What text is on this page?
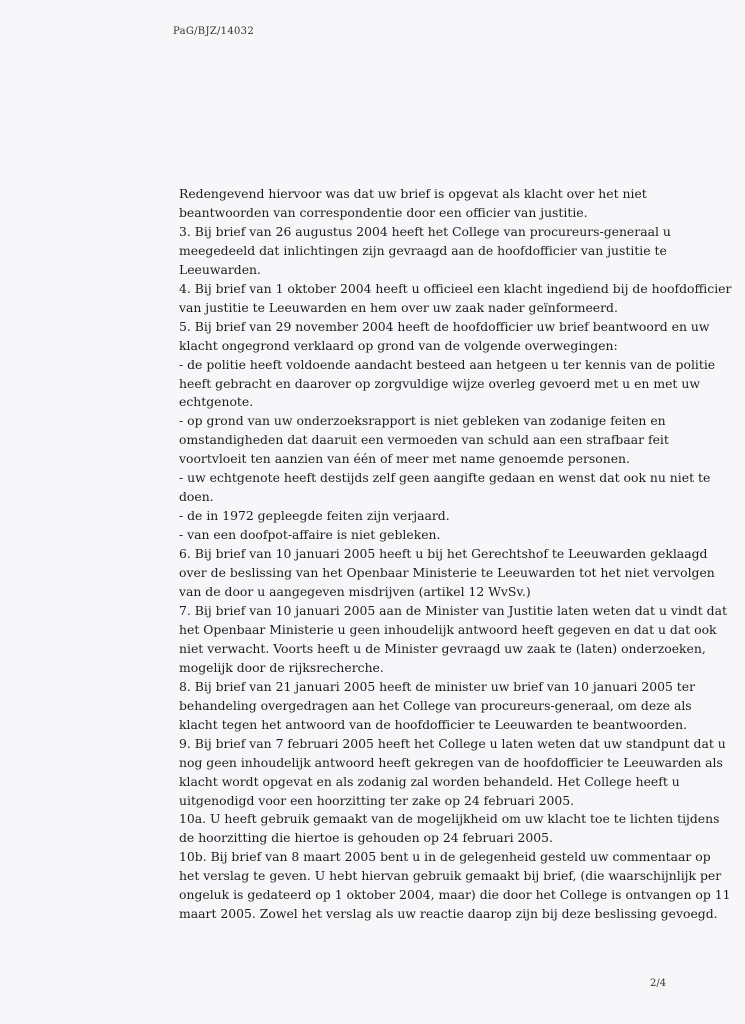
PaG/BJZ/14032

Redengevend hiervoor was dat uw brief is opgevat als klacht over het niet

beantwoorden van correspondentie door een officier van justitie.

3. Bij brief van 26 augustus 2004 heeft het College van procureurs-generaal u

meegedeeld dat inlichtingen zijn gevraagd aan de hoofdofficier van justitie te

Leeuwarden.

4. Bij brief van 1 oktober 2004 heeft u officieel een klacht ingediend bij de hoofdofficier

van justitie te Leeuwarden en hem over uw zaak nader geïnformeerd.

5. Bij brief van 29 november 2004 heeft de hoofdofficier uw brief beantwoord en uw

klacht ongegrond verklaard op grond van de volgende overwegingen:

- de politie heeft voldoende aandacht besteed aan hetgeen u ter kennis van de politie

heeft gebracht en daarover op zorgvuldige wijze overleg gevoerd met u en met uw

echtgenote.

- op grond van uw onderzoeksrapport is niet gebleken van zodanige feiten en

omstandigheden dat daaruit een vermoeden van schuld aan een strafbaar feit

voortvloeit ten aanzien van één of meer met name genoemde personen.

- uw echtgenote heeft destijds zelf geen aangifte gedaan en wenst dat ook nu niet te

doen.

- de in 1972 gepleegde feiten zijn verjaard.

- van een doofpot-affaire is niet gebleken.

6. Bij brief van 10 januari 2005 heeft u bij het Gerechtshof te Leeuwarden geklaagd

over de beslissing van het Openbaar Ministerie te Leeuwarden tot het niet vervolgen

van de door u aangegeven misdrijven (artikel 12 WvSv.)

7. Bij brief van 10 januari 2005 aan de Minister van Justitie laten weten dat u vindt dat

het Openbaar Ministerie u geen inhoudelijk antwoord heeft gegeven en dat u dat ook

niet verwacht. Voorts heeft u de Minister gevraagd uw zaak te (laten) onderzoeken,

mogelijk door de rijksrecherche.

8. Bij brief van 21 januari 2005 heeft de minister uw brief van 10 januari 2005 ter

behandeling overgedragen aan het College van procureurs-generaal, om deze als

klacht tegen het antwoord van de hoofdofficier te Leeuwarden te beantwoorden.

9. Bij brief van 7 februari 2005 heeft het College u laten weten dat uw standpunt dat u

nog geen inhoudelijk antwoord heeft gekregen van de hoofdofficier te Leeuwarden als

klacht wordt opgevat en als zodanig zal worden behandeld. Het College heeft u

uitgenodigd voor een hoorzitting ter zake op 24 februari 2005.

10a. U heeft gebruik gemaakt van de mogelijkheid om uw klacht toe te lichten tijdens

de hoorzitting die hiertoe is gehouden op 24 februari 2005.

10b. Bij brief van 8 maart 2005 bent u in de gelegenheid gesteld uw commentaar op

het verslag te geven. U hebt hiervan gebruik gemaakt bij brief, (die waarschijnlijk per

ongeluk is gedateerd op 1 oktober 2004, maar) die door het College is ontvangen op 11

maart 2005. Zowel het verslag als uw reactie daarop zijn bij deze beslissing gevoegd.

2/4
